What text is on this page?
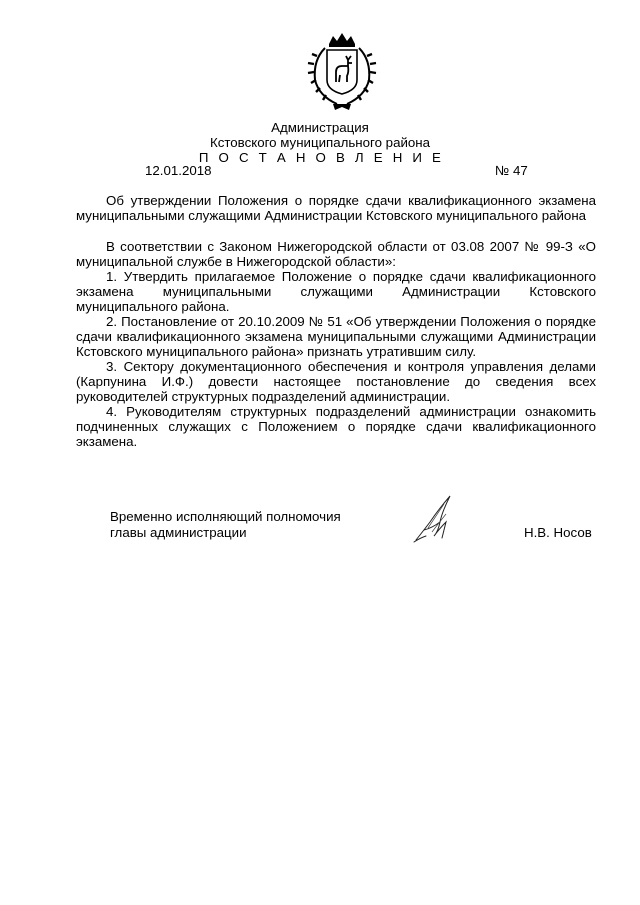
Администрация
Кстовского муниципального района
П О С Т А Н О В Л Е Н И Е
12.01.2018	№ 47

Об утверждении Положения о порядке сдачи квалификационного экзамена муниципальными служащими Администрации Кстовского муниципального района

В соответствии с Законом Нижегородской области от 03.08 2007 № 99-З «О муниципальной службе в Нижегородской области»:

1. Утвердить прилагаемое Положение о порядке сдачи квалификационного экзамена муниципальными служащими Администрации Кстовского муниципального района.

2. Постановление от 20.10.2009 № 51 «Об утверждении Положения о порядке сдачи квалификационного экзамена муниципальными служащими Администрации Кстовского муниципального района» признать утратившим силу.

3. Сектору документационного обеспечения и контроля управления делами (Карпунина И.Ф.) довести настоящее постановление до сведения всех руководителей структурных подразделений администрации.

4. Руководителям структурных подразделений администрации ознакомить подчиненных служащих с Положением о порядке сдачи квалификационного экзамена.

Временно исполняющий полномочия
главы администрации	Н.В. Носов
